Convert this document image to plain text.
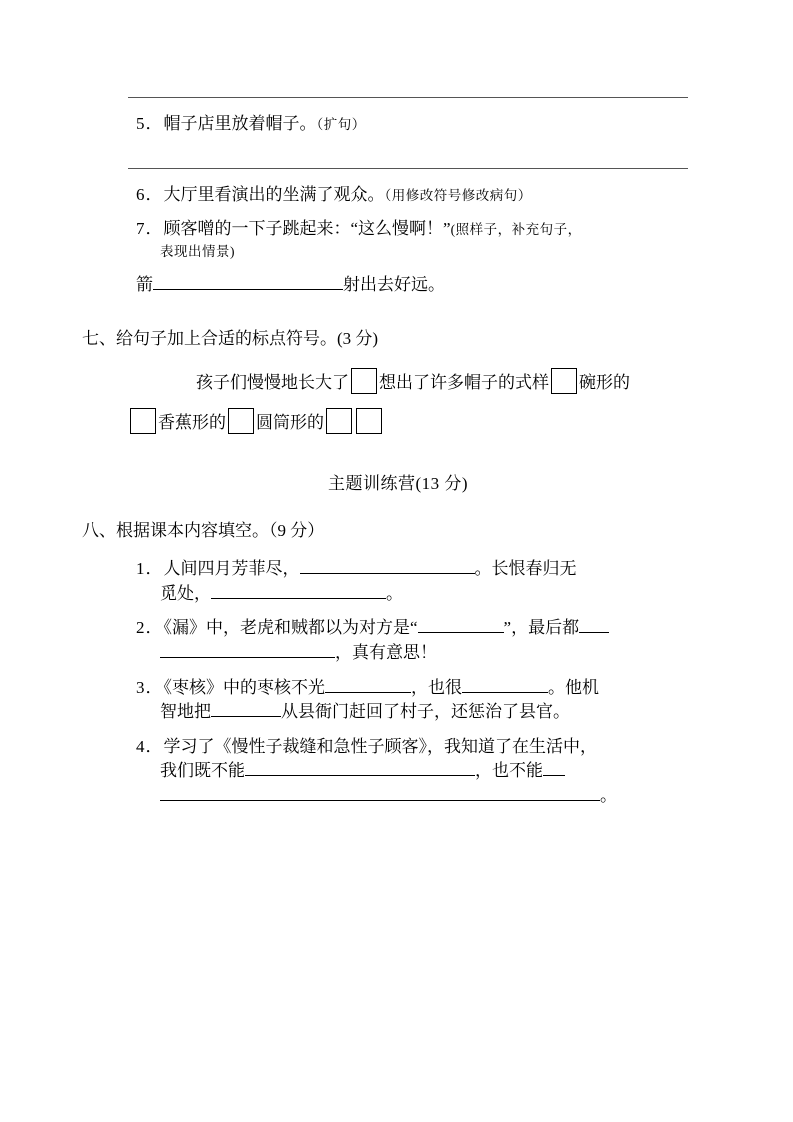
5．帽子店里放着帽子。（扩句）
6．大厅里看演出的坐满了观众。（用修改符号修改病句）
7．顾客噌的一下子跳起来：“这么慢啊！”(照样子，补充句子，
表现出情景)
箭	射出去好远。
七、给句子加上合适的标点符号。(3 分)
孩子们慢慢地长大了 想出了许多帽子的式样 碗形的
香蕉形的 圆筒形的
主题训练营(13 分)
八、根据课本内容填空。（9 分）
1．人间四月芳菲尽，	。长恨春归无
觅处，	。
2．《漏》中，老虎和贼都以为对方是“	”，最后都
，真有意思！
3．《枣核》中的枣核不光	，也很	。他机
智地把	从县衙门赶回了村子，还惩治了县官。
4．学习了《慢性子裁缝和急性子顾客》，我知道了在生活中，
我们既不能	，也不能
。
